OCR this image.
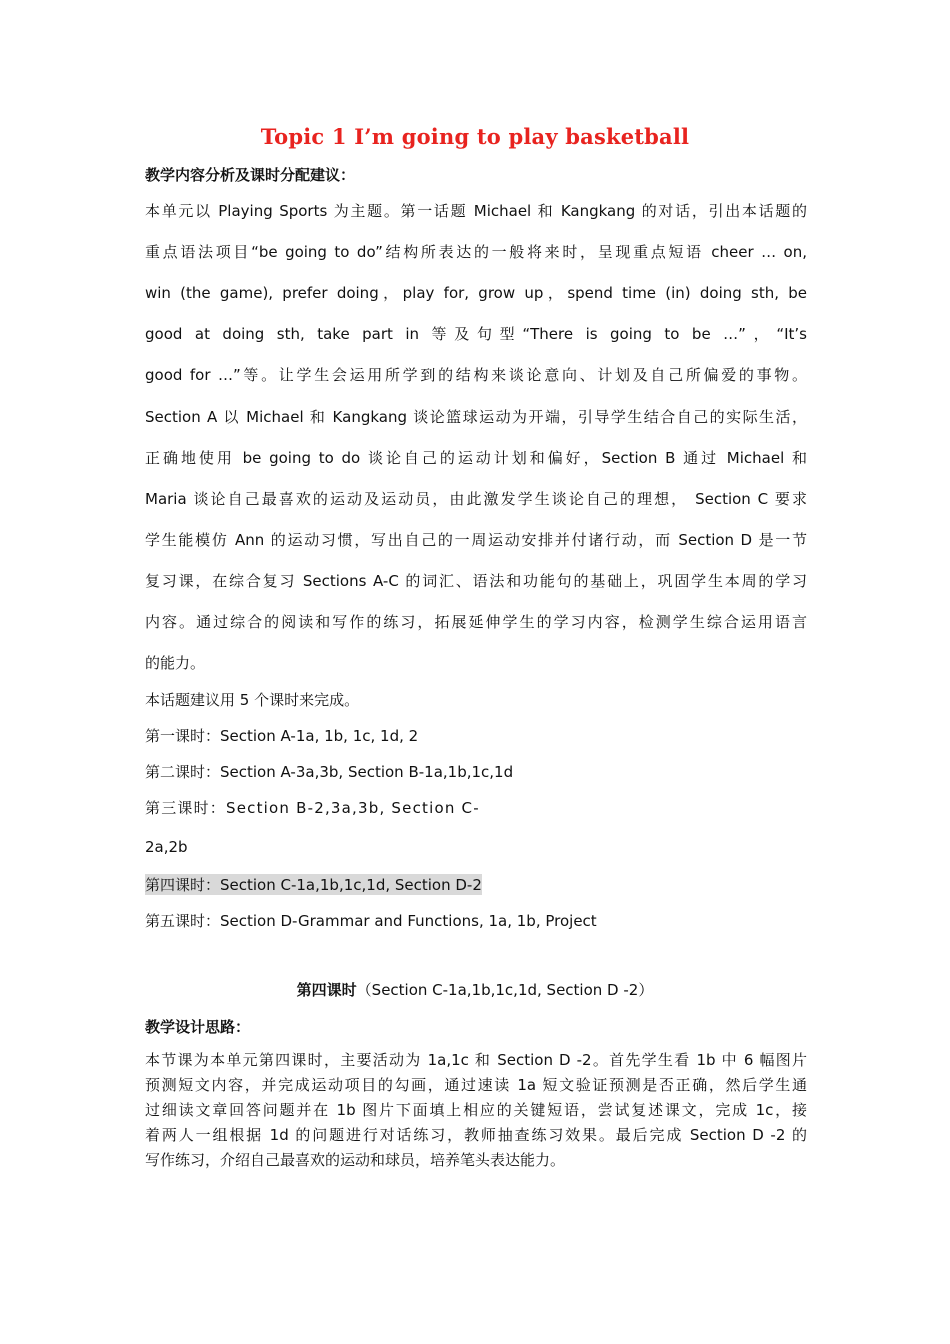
Topic 1 I’m going to play basketball
教学内容分析及课时分配建议：
本单元以 Playing Sports 为主题。第一话题 Michael 和 Kangkang 的对话，引出本话题的
重点语法项目“be going to do”结构所表达的一般将来时，呈现重点短语 cheer … on,
win (the game), prefer doing，play for, grow up，spend time (in) doing sth, be
good at doing sth, take part in 等及句型“There is going to be …”，“It’s
good for …”等。让学生会运用所学到的结构来谈论意向、计划及自己所偏爱的事物。
Section A 以 Michael 和 Kangkang 谈论篮球运动为开端，引导学生结合自己的实际生活，
正确地使用 be going to do 谈论自己的运动计划和偏好，Section B 通过 Michael 和
Maria 谈论自己最喜欢的运动及运动员，由此激发学生谈论自己的理想， Section C 要求
学生能模仿 Ann 的运动习惯，写出自己的一周运动安排并付诸行动，而 Section D 是一节
复习课，在综合复习 Sections A-C 的词汇、语法和功能句的基础上，巩固学生本周的学习
内容。通过综合的阅读和写作的练习，拓展延伸学生的学习内容，检测学生综合运用语言
的能力。
本话题建议用 5 个课时来完成。
第一课时：Section A-1a, 1b, 1c, 1d, 2
第二课时：Section A-3a,3b, Section B-1a,1b,1c,1d
第三课时：Section B-2,3a,3b, Section C-
2a,2b
第四课时：Section C-1a,1b,1c,1d, Section D-2
第五课时：Section D-Grammar and Functions, 1a, 1b, Project
第四课时（Section C-1a,1b,1c,1d, Section D -2）
教学设计思路：
本节课为本单元第四课时，主要活动为 1a,1c 和 Section D -2。首先学生看 1b 中 6 幅图片
预测短文内容，并完成运动项目的勾画，通过速读 1a 短文验证预测是否正确，然后学生通
过细读文章回答问题并在 1b 图片下面填上相应的关键短语，尝试复述课文，完成 1c，接
着两人一组根据 1d 的问题进行对话练习，教师抽查练习效果。最后完成 Section D -2 的
写作练习，介绍自己最喜欢的运动和球员，培养笔头表达能力。
